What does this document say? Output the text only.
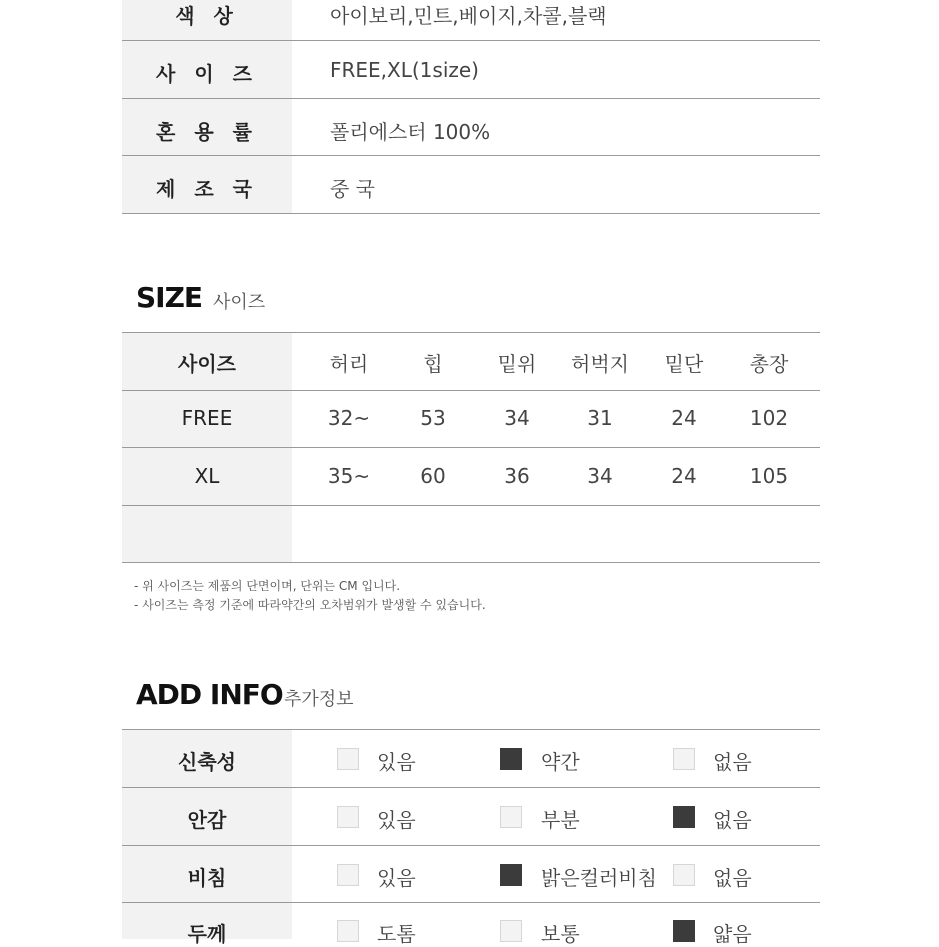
색 상	아이보리,민트,베이지,차콜,블랙
사 이 즈	FREE,XL(1size)
혼 용 률	폴리에스터 100%
제 조 국	중 국
SIZE 사이즈
사이즈	허리	힙	밑위	허벅지	밑단	총장
FREE	32~	53	34	31	24	102
XL	35~	60	36	34	24	105
- 위 사이즈는 제품의 단면이며, 단위는 CM 입니다.
- 사이즈는 측정 기준에 따라약간의 오차범위가 발생할 수 있습니다.
ADD INFO 추가정보
신축성	있음	약간	없음
안감	있음	부분	없음
비침	있음	밝은컬러비침	없음
두께	도톰	보통	얇음
